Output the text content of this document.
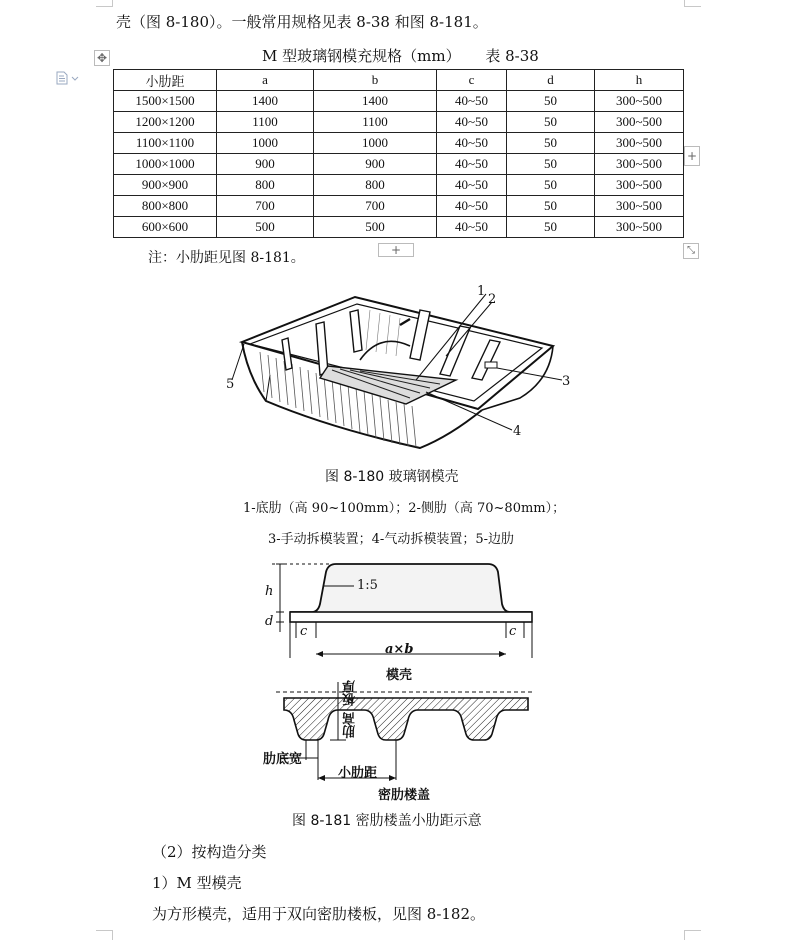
壳（图 8-180）。一般常用规格见表 8-38 和图 8-181。
✥	M 型玻璃钢模充规格（mm） 表 8-38
小肋距	a	b	c	d	h
1500×1500	1400	1400	40~50	50	300~500
1200×1200	1100	1100	40~50	50	300~500
1100×1100	1000	1000	40~50	50	300~500
1000×1000	900	900	40~50	50	300~500
900×900	800	800	40~50	50	300~500
800×800	700	700	40~50	50	300~500
600×600	500	500	40~50	50	300~500
+
+	⤡
注：小肋距见图 8-181。
1
2
3
4
5
图 8-180 玻璃钢模壳
1-底肋（高 90~100mm）；2-侧肋（高 70~80mm）；
3-手动拆模装置；4-气动拆模装置；5-边肋
1:5
h
d
c	c
a×b
模壳
板厚
肋高
肋底宽
小肋距
密肋楼盖
图 8-181 密肋楼盖小肋距示意
（2）按构造分类
1）M 型模壳
为方形模壳，适用于双向密肋楼板，见图 8-182。
